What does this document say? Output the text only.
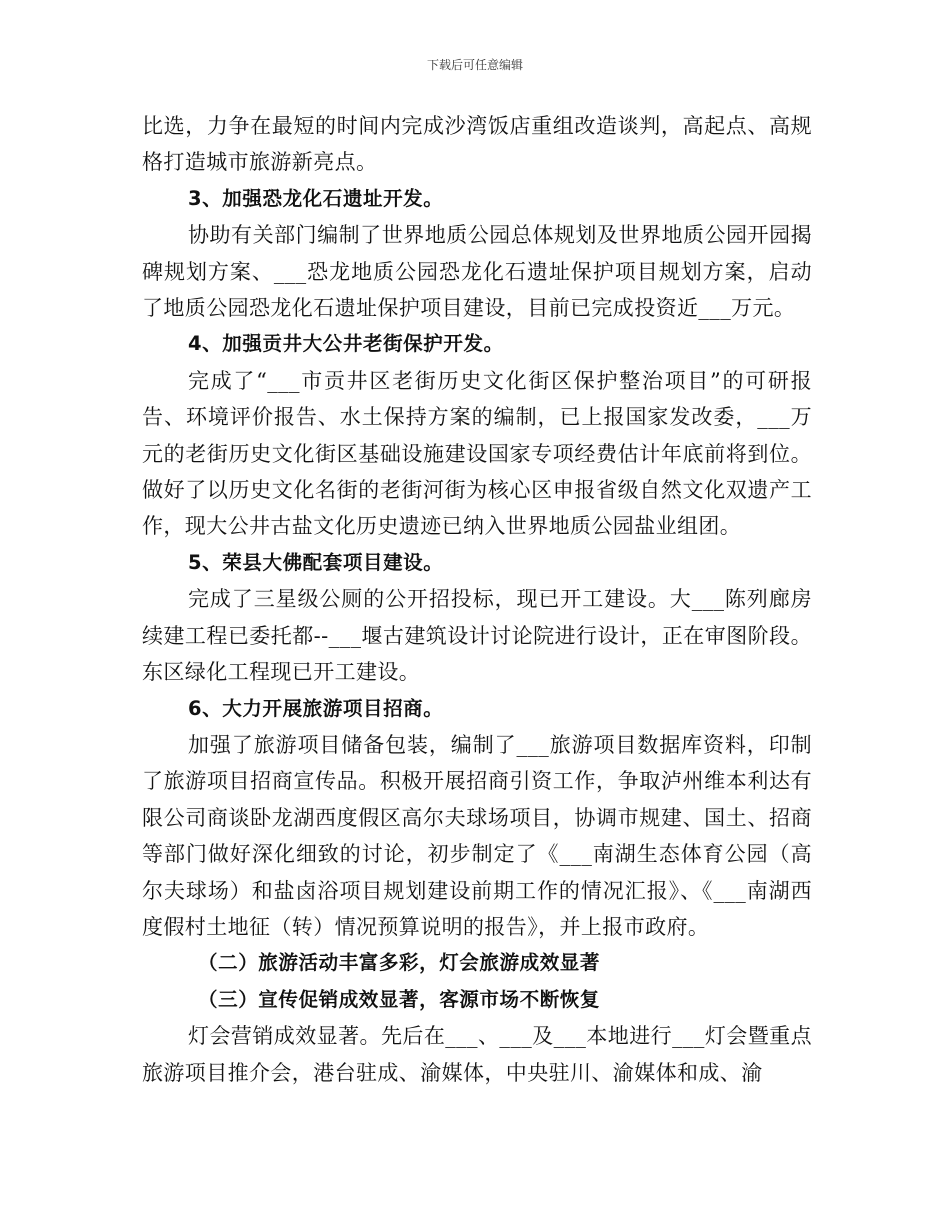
下载后可任意编辑

比选，力争在最短的时间内完成沙湾饭店重组改造谈判，高起点、高规格打造城市旅游新亮点。

3、加强恐龙化石遗址开发。

协助有关部门编制了世界地质公园总体规划及世界地质公园开园揭碑规划方案、___恐龙地质公园恐龙化石遗址保护项目规划方案，启动了地质公园恐龙化石遗址保护项目建设，目前已完成投资近___万元。

4、加强贡井大公井老街保护开发。

完成了“___市贡井区老街历史文化街区保护整治项目”的可研报告、环境评价报告、水土保持方案的编制，已上报国家发改委，___万元的老街历史文化街区基础设施建设国家专项经费估计年底前将到位。做好了以历史文化名街的老街河街为核心区申报省级自然文化双遗产工作，现大公井古盐文化历史遗迹已纳入世界地质公园盐业组团。

5、荣县大佛配套项目建设。

完成了三星级公厕的公开招投标，现已开工建设。大___陈列廊房续建工程已委托都--___堰古建筑设计讨论院进行设计，正在审图阶段。东区绿化工程现已开工建设。

6、大力开展旅游项目招商。

加强了旅游项目储备包装，编制了___旅游项目数据库资料，印制了旅游项目招商宣传品。积极开展招商引资工作，争取泸州维本利达有限公司商谈卧龙湖西度假区高尔夫球场项目，协调市规建、国土、招商等部门做好深化细致的讨论，初步制定了《___南湖生态体育公园（高尔夫球场）和盐卤浴项目规划建设前期工作的情况汇报》、《___南湖西度假村土地征（转）情况预算说明的报告》，并上报市政府。

（二）旅游活动丰富多彩，灯会旅游成效显著

（三）宣传促销成效显著，客源市场不断恢复

灯会营销成效显著。先后在___、___及___本地进行___灯会暨重点旅游项目推介会，港台驻成、渝媒体，中央驻川、渝媒体和成、渝
